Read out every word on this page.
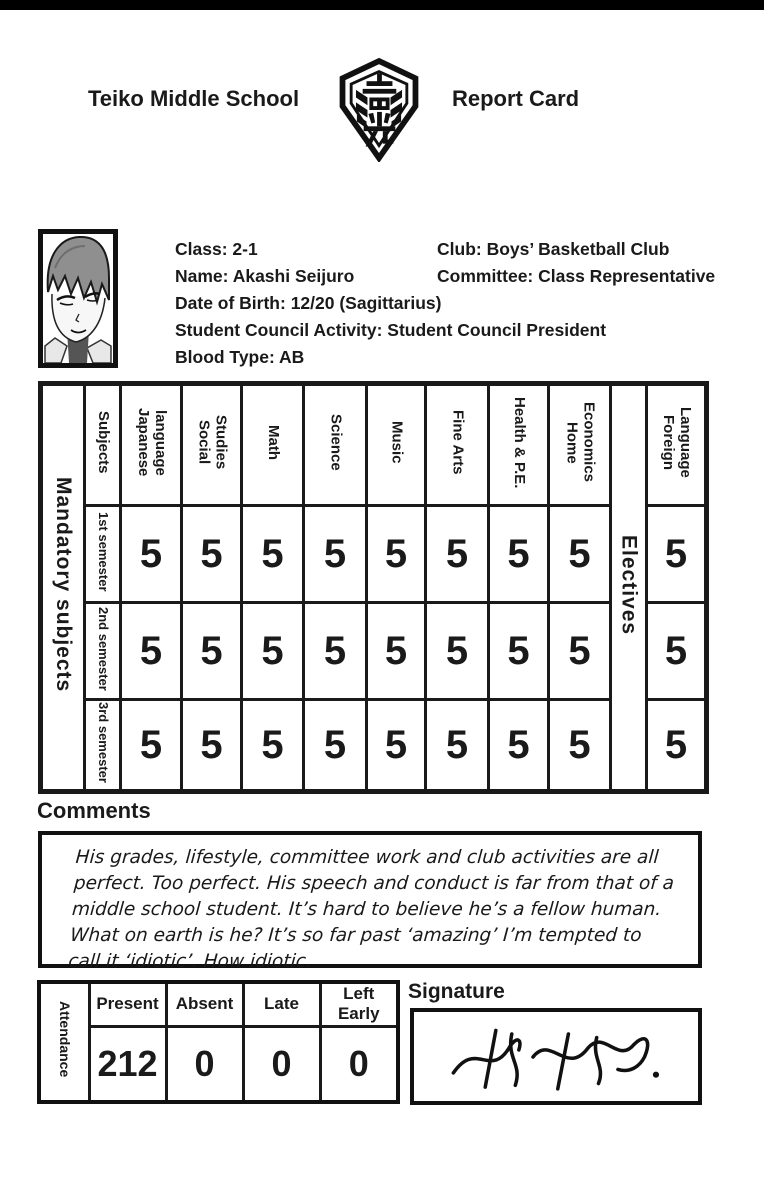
Teiko Middle School	Report Card
Class: 2-1
Name: Akashi Seijuro
Date of Birth: 12/20 (Sagittarius)
Student Council Activity: Student Council President
Blood Type: AB
Club: Boys’ Basketball Club
Committee: Class Representative
Mandatory subjects	Subjects	Japanese language	Social Studies	Math	Science	Music	Fine Arts	Health & P.E.	Home Economics	Electives	Foreign Language
	1st semester	5	5	5	5	5	5	5	5		5
	2nd semester	5	5	5	5	5	5	5	5		5
	3rd semester	5	5	5	5	5	5	5	5		5
Comments
His grades, lifestyle, committee work and club activities are all
perfect. Too perfect. His speech and conduct is far from that of a
middle school student. It’s hard to believe he’s a fellow human.
What on earth is he? It’s so far past ‘amazing’ I’m tempted to
call it ‘idiotic’. How idiotic.
Attendance	Present	Absent	Late	Left Early
	212	0	0	0
Signature
